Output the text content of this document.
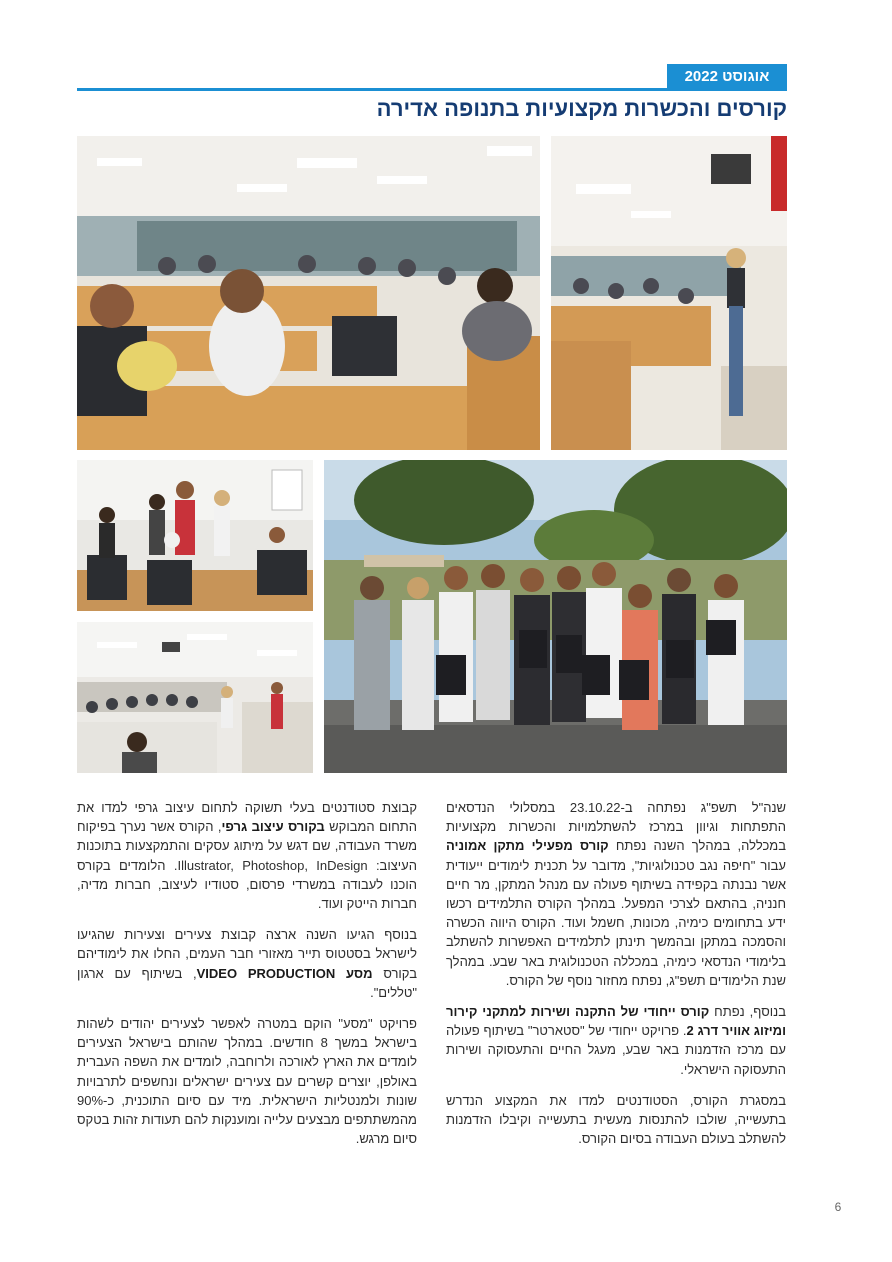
אוגוסט 2022
קורסים והכשרות מקצועיות בתנופה אדירה

שנה"ל תשפ"ג נפתחה ב-23.10.22 במסלולי הנדסאים התפתחות וגיוון במרכז להשתלמויות והכשרות מקצועיות במכללה, במהלך השנה נפתח קורס מפעילי מתקן אמוניה עבור "חיפה נגב טכנולוגיות", מדובר על תכנית לימודים ייעודית אשר נבנתה בקפידה בשיתוף פעולה עם מנהל המתקן, מר חיים חנניה, בהתאם לצרכי המפעל. במהלך הקורס התלמידים רכשו ידע בתחומים כימיה, מכונות, חשמל ועוד. הקורס היווה הכשרה והסמכה במתקן ובהמשך תינתן לתלמידים האפשרות להשתלב בלימודי הנדסאי כימיה, במכללה הטכנולוגית באר שבע. במהלך שנת הלימודים תשפ"ג, נפתח מחזור נוסף של הקורס.

בנוסף, נפתח קורס ייחודי של התקנה ושירות למתקני קירור ומיזוג אוויר דרג 2. פרויקט ייחודי של "סטארטר" בשיתוף פעולה עם מרכז הזדמנות באר שבע, מעגל החיים והתעסוקה ושירות התעסוקה הישראלי.

במסגרת הקורס, הסטודנטים למדו את המקצוע הנדרש בתעשייה, שולבו להתנסות מעשית בתעשייה וקיבלו הזדמנות להשתלב בעולם העבודה בסיום הקורס.

קבוצת סטודנטים בעלי תשוקה לתחום עיצוב גרפי למדו את התחום המבוקש בקורס עיצוב גרפי, הקורס אשר נערך בפיקוח משרד העבודה, שם דגש על מיתוג עסקים והתמקצעות בתוכנות העיצוב: Illustrator, Photoshop, InDesign. הלומדים בקורס הוכנו לעבודה במשרדי פרסום, סטודיו לעיצוב, חברות מדיה, חברות הייטק ועוד.

בנוסף הגיעו השנה ארצה קבוצת צעירים וצעירות שהגיעו לישראל בסטטוס תייר מאזורי חבר העמים, החלו את לימודיהם בקורס מסע VIDEO PRODUCTION, בשיתוף עם ארגון "טללים".

פרויקט "מסע" הוקם במטרה לאפשר לצעירים יהודים לשהות בישראל במשך 8 חודשים. במהלך שהותם בישראל הצעירים לומדים את הארץ לאורכה ולרוחבה, לומדים את השפה העברית באולפן, יוצרים קשרים עם צעירים ישראלים ונחשפים לתרבויות שונות ולמנטליות הישראלית. מיד עם סיום התוכנית, כ-90% מהמשתתפים מבצעים עלייה ומוענקות להם תעודות זהות בטקס סיום מרגש.

6
